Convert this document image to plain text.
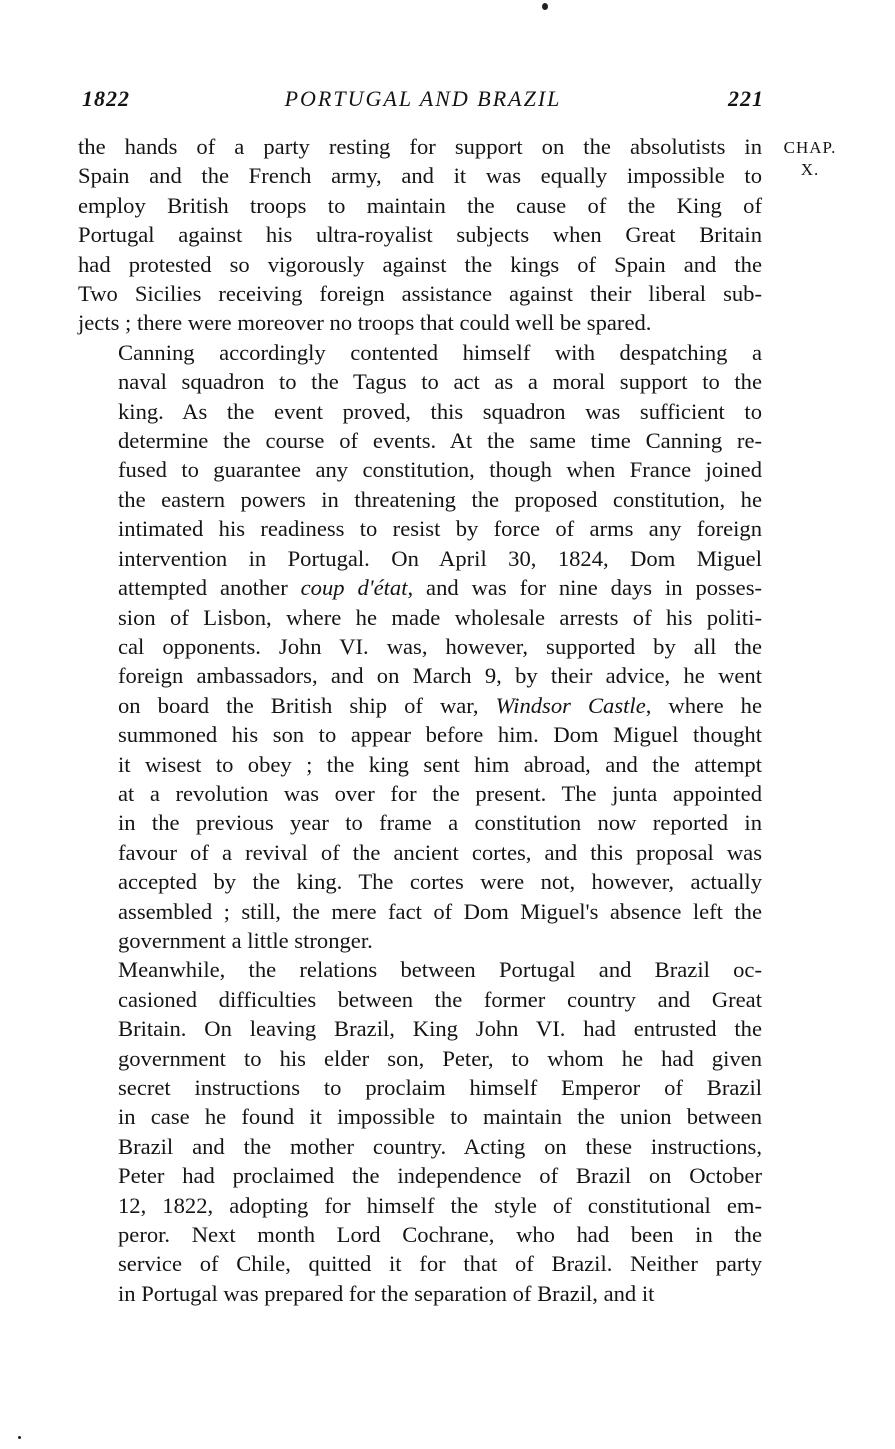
1822	PORTUGAL AND BRAZIL	221
CHAP.
X.

the hands of a party resting for support on the absolutists in
Spain and the French army, and it was equally impossible to
employ British troops to maintain the cause of the King of
Portugal against his ultra-royalist subjects when Great Britain
had protested so vigorously against the kings of Spain and the
Two Sicilies receiving foreign assistance against their liberal sub-
jects ; there were moreover no troops that could well be spared.

Canning accordingly contented himself with despatching a
naval squadron to the Tagus to act as a moral support to the
king. As the event proved, this squadron was sufficient to
determine the course of events. At the same time Canning re-
fused to guarantee any constitution, though when France joined
the eastern powers in threatening the proposed constitution, he
intimated his readiness to resist by force of arms any foreign
intervention in Portugal. On April 30, 1824, Dom Miguel
attempted another coup d'état, and was for nine days in posses-
sion of Lisbon, where he made wholesale arrests of his politi-
cal opponents. John VI. was, however, supported by all the
foreign ambassadors, and on March 9, by their advice, he went
on board the British ship of war, Windsor Castle, where he
summoned his son to appear before him. Dom Miguel thought
it wisest to obey ; the king sent him abroad, and the attempt
at a revolution was over for the present. The junta appointed
in the previous year to frame a constitution now reported in
favour of a revival of the ancient cortes, and this proposal was
accepted by the king. The cortes were not, however, actually
assembled ; still, the mere fact of Dom Miguel's absence left the
government a little stronger.

Meanwhile, the relations between Portugal and Brazil oc-
casioned difficulties between the former country and Great
Britain. On leaving Brazil, King John VI. had entrusted the
government to his elder son, Peter, to whom he had given
secret instructions to proclaim himself Emperor of Brazil
in case he found it impossible to maintain the union between
Brazil and the mother country. Acting on these instructions,
Peter had proclaimed the independence of Brazil on October
12, 1822, adopting for himself the style of constitutional em-
peror. Next month Lord Cochrane, who had been in the
service of Chile, quitted it for that of Brazil. Neither party
in Portugal was prepared for the separation of Brazil, and it
